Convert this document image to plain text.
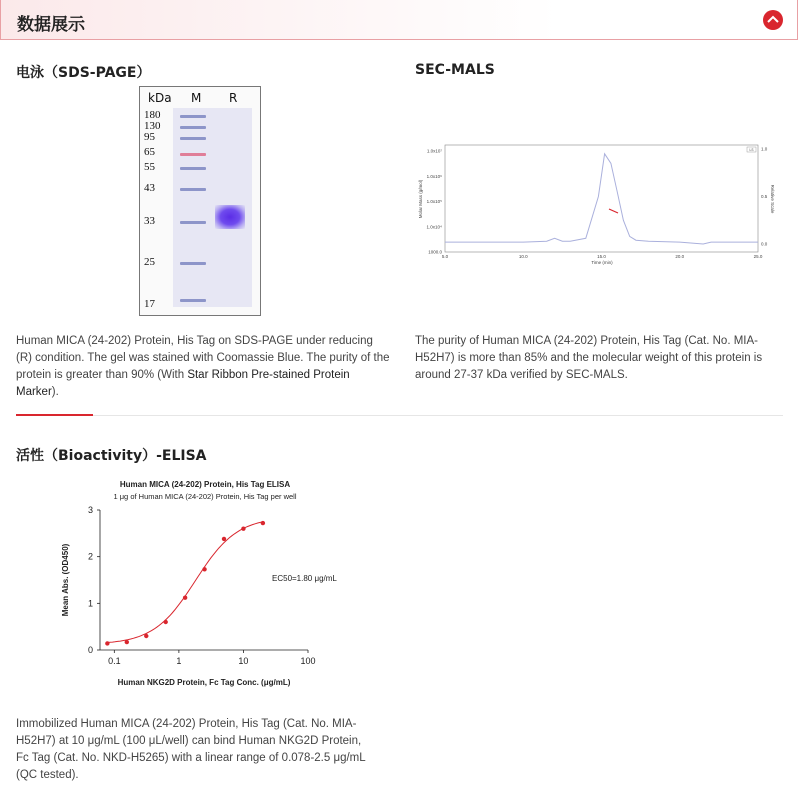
数据展示
电泳（SDS-PAGE）
kDa M R
180
130
95
65
55
43
33
25
17
Human MICA (24-202) Protein, His Tag on SDS-PAGE under reducing (R) condition. The gel was stained with Coomassie Blue. The purity of the protein is greater than 90% (With Star Ribbon Pre-stained Protein Marker).
SEC-MALS
5.0	10.0	15.0	20.0	25.0
1000.0
1.0x10⁴
1.0x10⁵
1.0x10⁶
1.0x10⁷
0.0
0.5
1.0
Molar Mass (g/mol)	Relative Scale
Time (min)
LS
The purity of Human MICA (24-202) Protein, His Tag (Cat. No. MIA-H52H7) is more than 85% and the molecular weight of this protein is around 27-37 kDa verified by SEC-MALS.
活性（Bioactivity）-ELISA
Human MICA (24-202) Protein, His Tag ELISA
1 μg of Human MICA (24-202) Protein, His Tag per well
0.1	1	10	100
0
1
2
3
Mean Abs. (OD450)
Human NKG2D Protein, Fc Tag Conc. (μg/mL)
EC50=1.80 μg/mL
Immobilized Human MICA (24-202) Protein, His Tag (Cat. No. MIA-H52H7) at 10 μg/mL (100 μL/well) can bind Human NKG2D Protein, Fc Tag (Cat. No. NKD-H5265) with a linear range of 0.078-2.5 μg/mL (QC tested).
